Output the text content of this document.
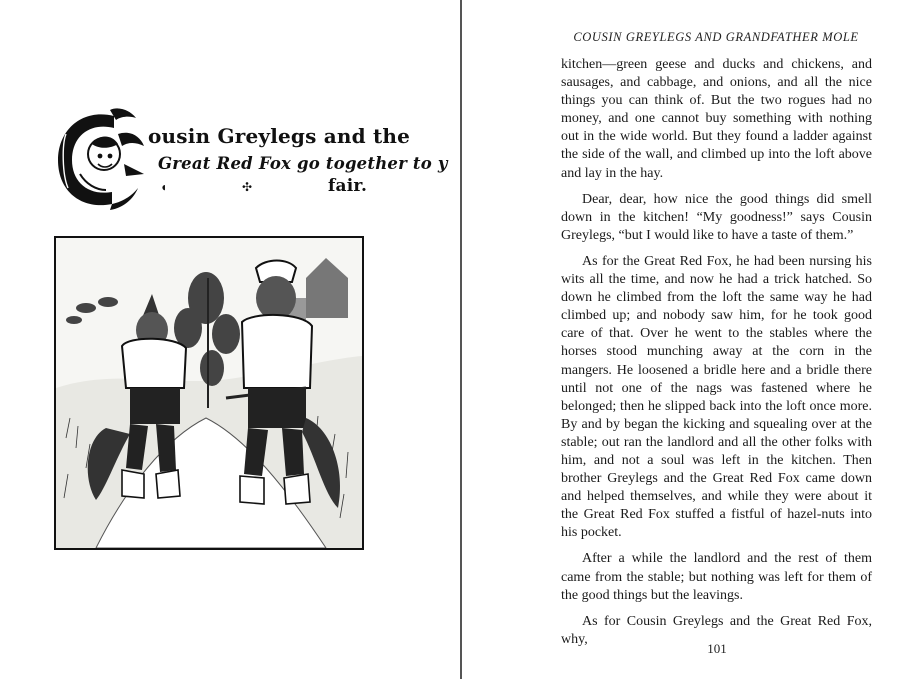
ousin Greylegs and the
Great Red Fox go together to y
◖	✣	fair.
COUSIN GREYLEGS AND GRANDFATHER MOLE

kitchen—green geese and ducks and chickens, and sausages, and cabbage, and onions, and all the nice things you can think of. But the two rogues had no money, and one cannot buy something with nothing out in the wide world. But they found a ladder against the side of the wall, and climbed up into the loft above and lay in the hay.

Dear, dear, how nice the good things did smell down in the kitchen! “My goodness!” says Cousin Greylegs, “but I would like to have a taste of them.”

As for the Great Red Fox, he had been nursing his wits all the time, and now he had a trick hatched. So down he climbed from the loft the same way he had climbed up; and nobody saw him, for he took good care of that. Over he went to the stables where the horses stood munching away at the corn in the mangers. He loosened a bridle here and a bridle there until not one of the nags was fastened where he belonged; then he slipped back into the loft once more. By and by began the kicking and squealing over at the stable; out ran the landlord and all the other folks with him, and not a soul was left in the kitchen. Then brother Greylegs and the Great Red Fox came down and helped themselves, and while they were about it the Great Red Fox stuffed a fistful of hazel-nuts into his pocket.

After a while the landlord and the rest of them came from the stable; but nothing was left for them of the good things but the leavings.

As for Cousin Greylegs and the Great Red Fox, why,

101
